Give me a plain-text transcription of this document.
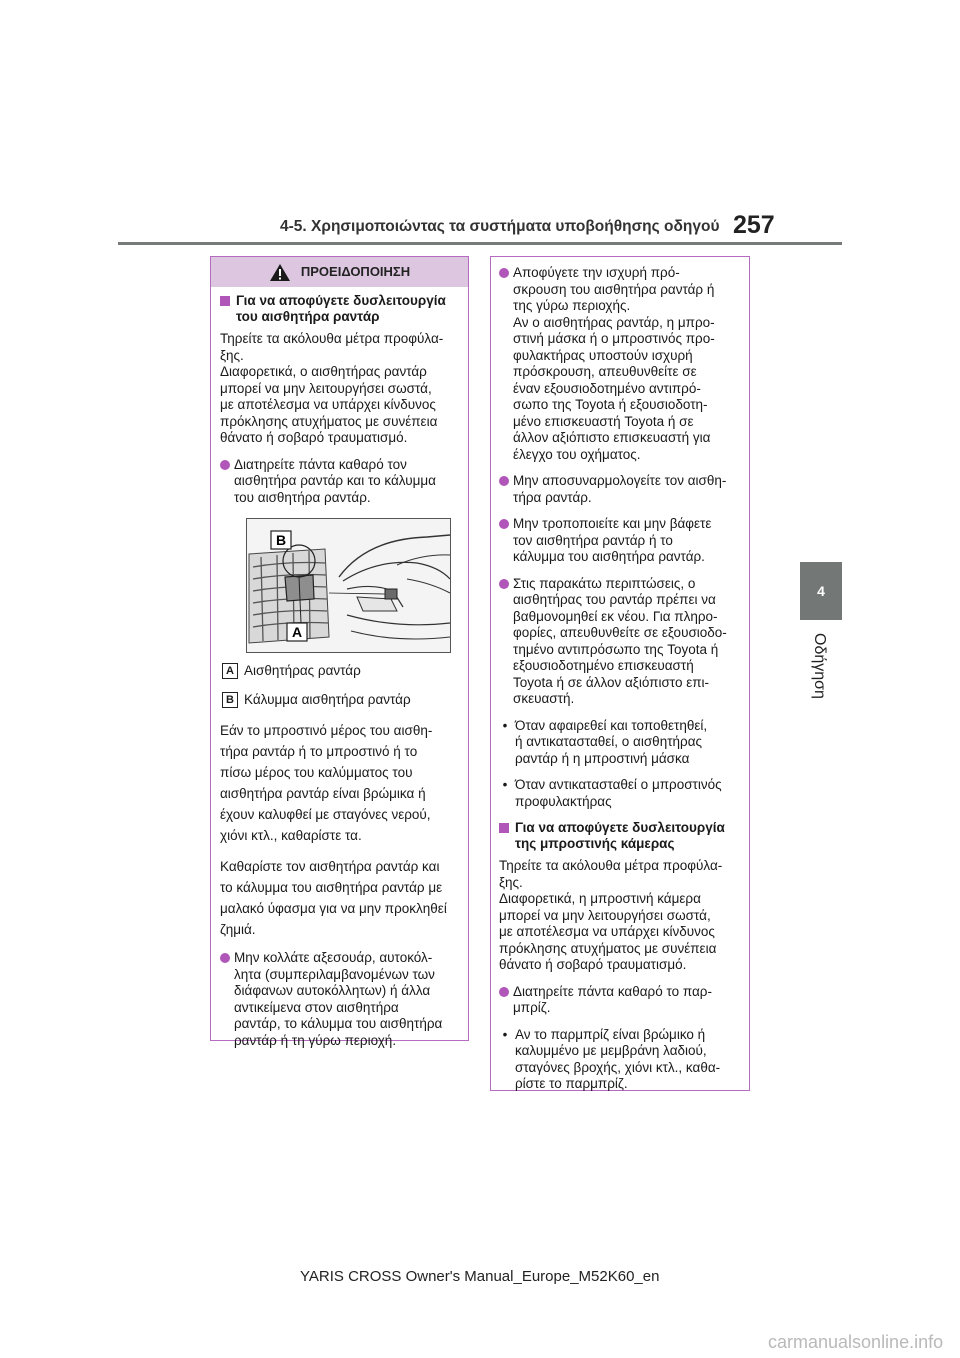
4-5. Χρησιμοποιώντας τα συστήματα υποβοήθησης οδηγού 257
4
Οδήγηση
ΠΡΟΕΙΔΟΠΟΙΗΣΗ
Για να αποφύγετε δυσλειτουργία
του αισθητήρα ραντάρ
Τηρείτε τα ακόλουθα μέτρα προφύλα-
ξης.
Διαφορετικά, ο αισθητήρας ραντάρ
μπορεί να μην λειτουργήσει σωστά,
με αποτέλεσμα να υπάρχει κίνδυνος
πρόκλησης ατυχήματος με συνέπεια
θάνατο ή σοβαρό τραυματισμό.
Διατηρείτε πάντα καθαρό τον
αισθητήρα ραντάρ και το κάλυμμα
του αισθητήρα ραντάρ.
B
A
A Αισθητήρας ραντάρ
B Κάλυμμα αισθητήρα ραντάρ
Εάν το μπροστινό μέρος του αισθη-
τήρα ραντάρ ή το μπροστινό ή το
πίσω μέρος του καλύμματος του
αισθητήρα ραντάρ είναι βρώμικα ή
έχουν καλυφθεί με σταγόνες νερού,
χιόνι κτλ., καθαρίστε τα.
Καθαρίστε τον αισθητήρα ραντάρ και
το κάλυμμα του αισθητήρα ραντάρ με
μαλακό ύφασμα για να μην προκληθεί
ζημιά.
Μην κολλάτε αξεσουάρ, αυτοκόλ-
λητα (συμπεριλαμβανομένων των
διάφανων αυτοκόλλητων) ή άλλα
αντικείμενα στον αισθητήρα
ραντάρ, το κάλυμμα του αισθητήρα
ραντάρ ή τη γύρω περιοχή.
Αποφύγετε την ισχυρή πρό-
σκρουση του αισθητήρα ραντάρ ή
της γύρω περιοχής.
Αν ο αισθητήρας ραντάρ, η μπρο-
στινή μάσκα ή ο μπροστινός προ-
φυλακτήρας υποστούν ισχυρή
πρόσκρουση, απευθυνθείτε σε
έναν εξουσιοδοτημένο αντιπρό-
σωπο της Toyota ή εξουσιοδοτη-
μένο επισκευαστή Toyota ή σε
άλλον αξιόπιστο επισκευαστή για
έλεγχο του οχήματος.
Μην αποσυναρμολογείτε τον αισθη-
τήρα ραντάρ.
Μην τροποποιείτε και μην βάφετε
τον αισθητήρα ραντάρ ή το
κάλυμμα του αισθητήρα ραντάρ.
Στις παρακάτω περιπτώσεις, ο
αισθητήρας του ραντάρ πρέπει να
βαθμονομηθεί εκ νέου. Για πληρο-
φορίες, απευθυνθείτε σε εξουσιοδο-
τημένο αντιπρόσωπο της Toyota ή
εξουσιοδοτημένο επισκευαστή
Toyota ή σε άλλον αξιόπιστο επι-
σκευαστή.
• Όταν αφαιρεθεί και τοποθετηθεί,
ή αντικατασταθεί, ο αισθητήρας
ραντάρ ή η μπροστινή μάσκα
• Όταν αντικατασταθεί ο μπροστινός
προφυλακτήρας
Για να αποφύγετε δυσλειτουργία
της μπροστινής κάμερας
Τηρείτε τα ακόλουθα μέτρα προφύλα-
ξης.
Διαφορετικά, η μπροστινή κάμερα
μπορεί να μην λειτουργήσει σωστά,
με αποτέλεσμα να υπάρχει κίνδυνος
πρόκλησης ατυχήματος με συνέπεια
θάνατο ή σοβαρό τραυματισμό.
Διατηρείτε πάντα καθαρό το παρ-
μπρίζ.
• Αν το παρμπρίζ είναι βρώμικο ή
καλυμμένο με μεμβράνη λαδιού,
σταγόνες βροχής, χιόνι κτλ., καθα-
ρίστε το παρμπρίζ.
YARIS CROSS Owner's Manual_Europe_M52K60_en
carmanualsonline.info
